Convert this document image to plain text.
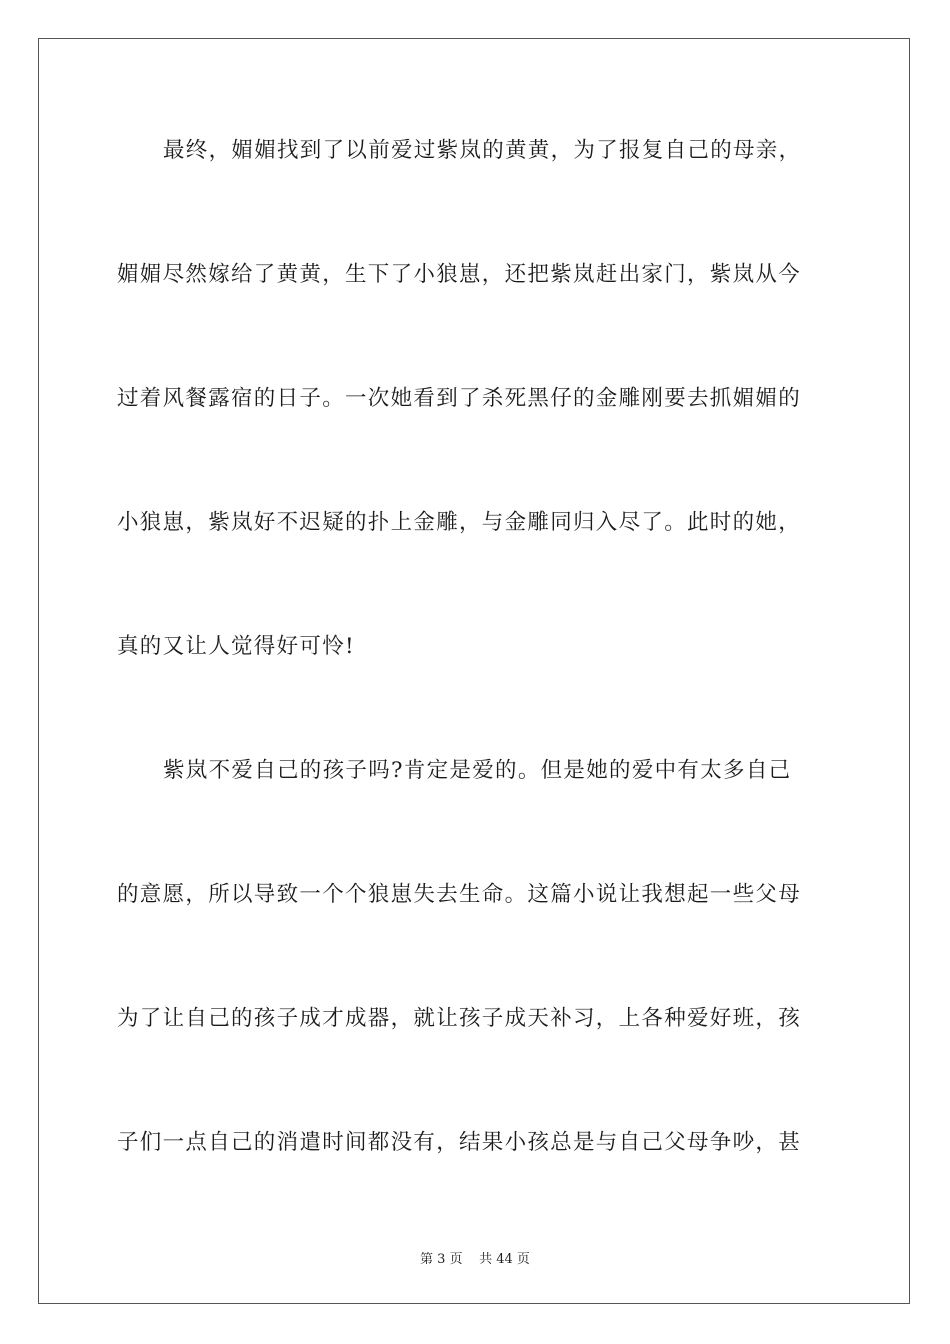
最终，媚媚找到了以前爱过紫岚的黄黄，为了报复自己的母亲，
媚媚尽然嫁给了黄黄，生下了小狼崽，还把紫岚赶出家门，紫岚从今
过着风餐露宿的日子。一次她看到了杀死黑仔的金雕刚要去抓媚媚的
小狼崽，紫岚好不迟疑的扑上金雕，与金雕同归入尽了。此时的她，
真的又让人觉得好可怜!
紫岚不爱自己的孩子吗?肯定是爱的。但是她的爱中有太多自己
的意愿，所以导致一个个狼崽失去生命。这篇小说让我想起一些父母
为了让自己的孩子成才成器，就让孩子成天补习，上各种爱好班，孩
子们一点自己的消遣时间都没有，结果小孩总是与自己父母争吵，甚
第 3 页 共 44 页
